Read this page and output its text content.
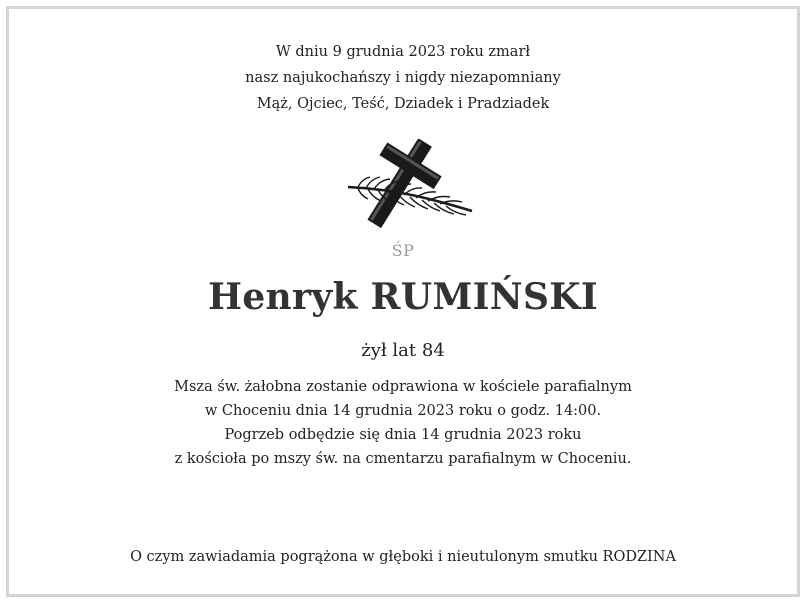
W dniu 9 grudnia 2023 roku zmarł
nasz najukochańszy i nigdy niezapomniany
Mąż, Ojciec, Teść, Dziadek i Pradziadek
ŚP
Henryk RUMIŃSKI
żył lat 84
Msza św. żałobna zostanie odprawiona w kościele parafialnym
w Choceniu dnia 14 grudnia 2023 roku o godz. 14:00.
Pogrzeb odbędzie się dnia 14 grudnia 2023 roku
z kościoła po mszy św. na cmentarzu parafialnym w Choceniu.
O czym zawiadamia pogrążona w głęboki i nieutulonym smutku RODZINA
